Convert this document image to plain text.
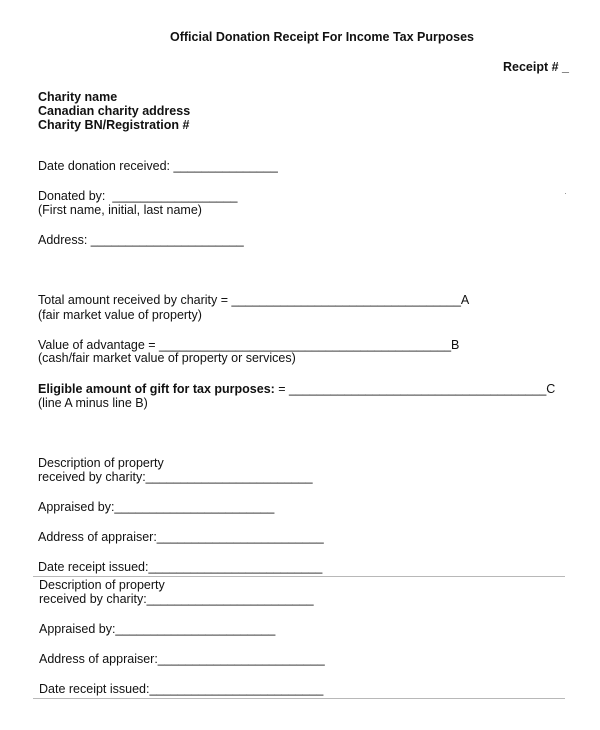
Official Donation Receipt For Income Tax Purposes
Receipt # _
Charity name
Canadian charity address
Charity BN/Registration #
Date donation received: _______________
Donated by:  __________________
(First name, initial, last name)
Address: ______________________
Total amount received by charity = _________________________________A
(fair market value of property)
Value of advantage = __________________________________________B
(cash/fair market value of property or services)
Eligible amount of gift for tax purposes: = _____________________________________C
(line A minus line B)
Description of property
received by charity:________________________
Appraised by:_______________________
Address of appraiser:________________________
Date receipt issued:_________________________
Description of property
received by charity:________________________
Appraised by:_______________________
Address of appraiser:________________________
Date receipt issued:_________________________
